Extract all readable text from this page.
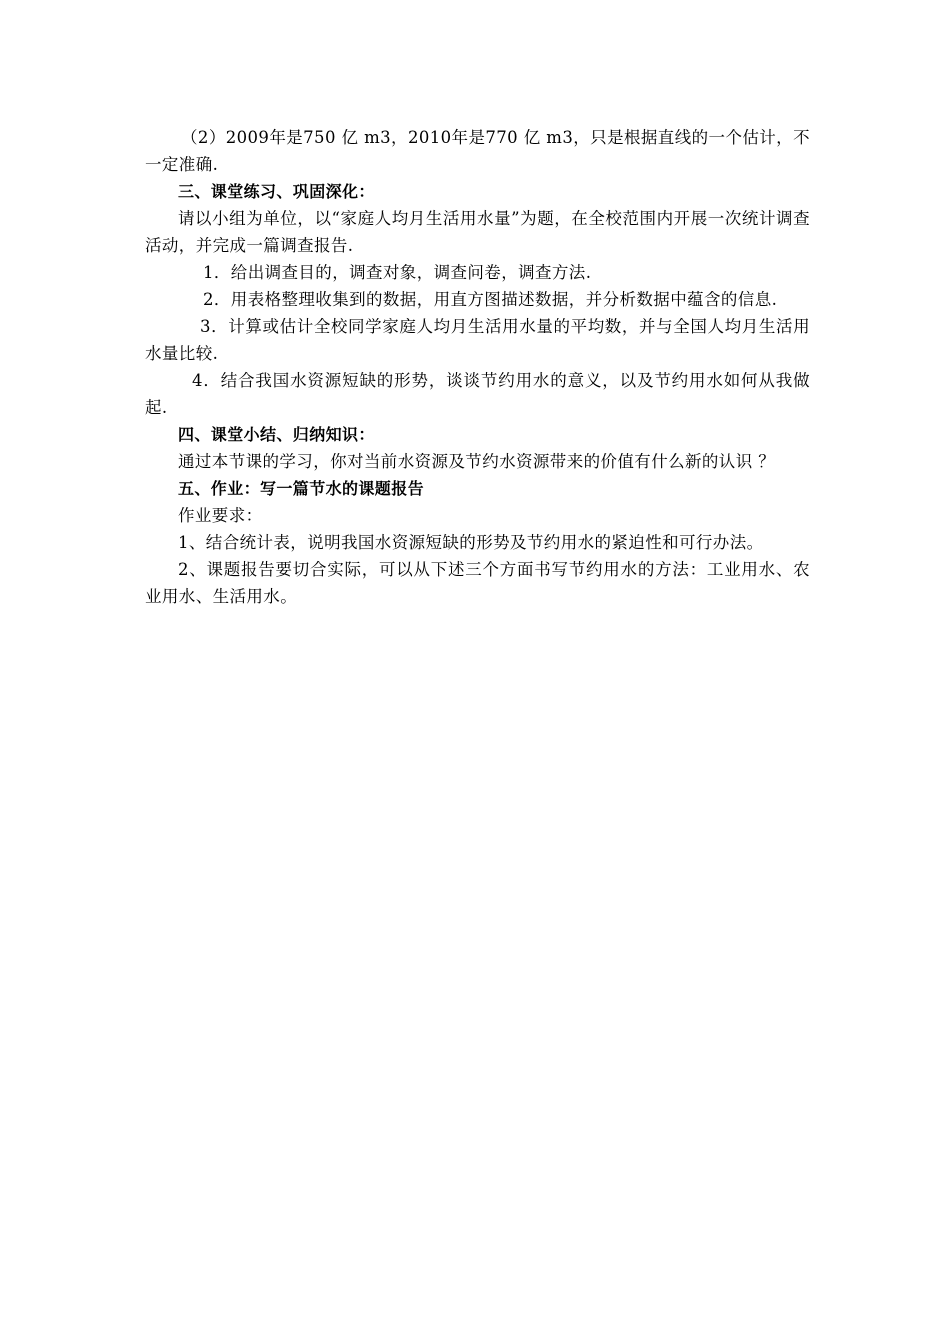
（2）2009年是750 亿 m3，2010年是770 亿 m3，只是根据直线的一个估计，不一定准确.

三、课堂练习、巩固深化：

请以小组为单位，以“家庭人均月生活用水量”为题，在全校范围内开展一次统计调查活动，并完成一篇调查报告.

1．给出调查目的，调查对象，调查问卷，调查方法.

2．用表格整理收集到的数据，用直方图描述数据，并分析数据中蕴含的信息.

3．计算或估计全校同学家庭人均月生活用水量的平均数，并与全国人均月生活用水量比较.

4．结合我国水资源短缺的形势，谈谈节约用水的意义，以及节约用水如何从我做起.

四、课堂小结、归纳知识：

通过本节课的学习，你对当前水资源及节约水资源带来的价值有什么新的认识 ？

五、作业：写一篇节水的课题报告

作业要求：

1、结合统计表，说明我国水资源短缺的形势及节约用水的紧迫性和可行办法。

2、课题报告要切合实际，可以从下述三个方面书写节约用水的方法：工业用水、农业用水、生活用水。
